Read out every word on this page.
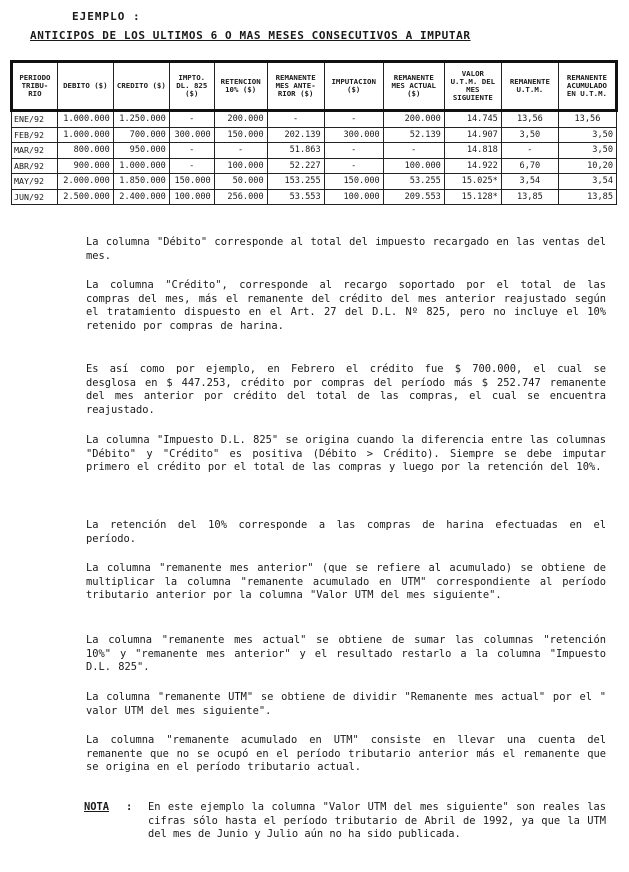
EJEMPLO :
ANTICIPOS DE LOS ULTIMOS 6 O MAS MESES CONSECUTIVOS A IMPUTAR
PERIODO TRIBU-RIO	DEBITO ($)	CREDITO ($)	IMPTO. DL. 825 ($)	RETENCION 10% ($)	REMANENTE MES ANTE-RIOR ($)	IMPUTACION ($)	REMANENTE MES ACTUAL ($)	VALOR U.T.M. DEL MES SIGUIENTE	REMANENTE U.T.M.	REMANENTE ACUMULADO EN U.T.M.
ENE/92	1.000.000	1.250.000	-	200.000	-	-	200.000	14.745	13,56	13,56
FEB/92	1.000.000	700.000	300.000	150.000	202.139	300.000	52.139	14.907	3,50	3,50
MAR/92	800.000	950.000	-	-	51.863	-	-	14.818	-	3,50
ABR/92	900.000	1.000.000	-	100.000	52.227	-	100.000	14.922	6,70	10,20
MAY/92	2.000.000	1.850.000	150.000	50.000	153.255	150.000	53.255	15.025*	3,54	3,54
JUN/92	2.500.000	2.400.000	100.000	256.000	53.553	100.000	209.553	15.128*	13,85	13,85

La columna "Débito" corresponde al total del impuesto recargado en las ventas del mes.

La columna "Crédito", corresponde al recargo soportado por el total de las compras del mes, más el remanente del crédito del mes anterior reajustado según el tratamiento dispuesto en el Art. 27 del D.L. Nº 825, pero no incluye el 10% retenido por compras de harina.

Es así como por ejemplo, en Febrero el crédito fue $ 700.000, el cual se desglosa en $ 447.253, crédito por compras del período más $ 252.747 remanente del mes anterior por crédito del total de las compras, el cual se encuentra reajustado.

La columna "Impuesto D.L. 825" se origina cuando la diferencia entre las columnas "Débito" y "Crédito" es positiva (Débito > Crédito). Siempre se debe imputar primero el crédito por el total de las compras y luego por la retención del 10%.

La retención del 10% corresponde a las compras de harina efectuadas en el período.

La columna "remanente mes anterior" (que se refiere al acumulado) se obtiene de multiplicar la columna "remanente acumulado en UTM" correspondiente al período tributario anterior por la columna "Valor UTM del mes siguiente".

La columna "remanente mes actual" se obtiene de sumar las columnas "retención 10%" y "remanente mes anterior" y el resultado restarlo a la columna "Impuesto D.L. 825".

La columna "remanente UTM" se obtiene de dividir "Remanente mes actual" por el " valor UTM del mes siguiente".

La columna "remanente acumulado en UTM" consiste en llevar una cuenta del remanente que no se ocupó en el período tributario anterior más el remanente que se origina en el período tributario actual.

NOTA : En este ejemplo la columna "Valor UTM del mes siguiente" son reales las cifras sólo hasta el período tributario de Abril de 1992, ya que la UTM del mes de Junio y Julio aún no ha sido publicada.
